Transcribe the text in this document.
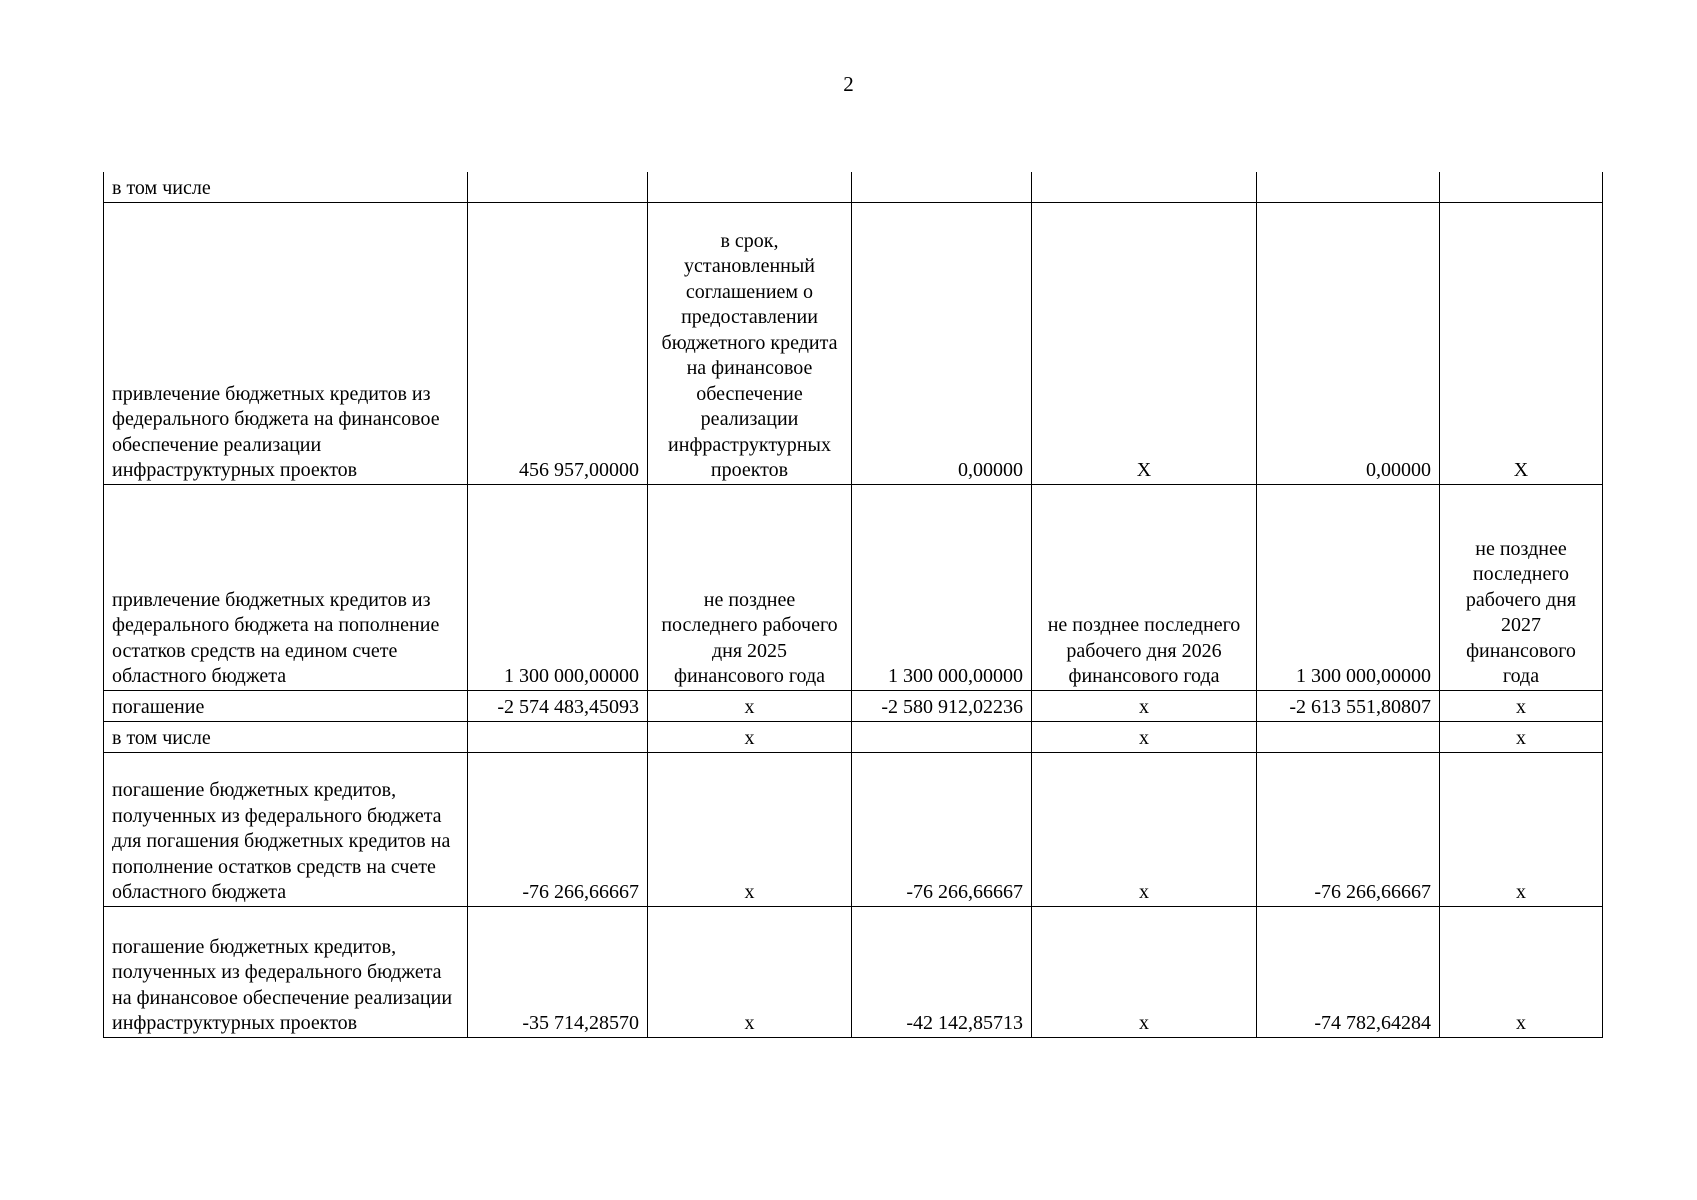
2
в том числе						
привлечение бюджетных кредитов из федерального бюджета на финансовое обеспечение реализации инфраструктурных проектов	456 957,00000	в срок, установленный соглашением о предоставлении бюджетного кредита на финансовое обеспечение реализации инфраструктурных проектов	0,00000	X	0,00000	X
привлечение бюджетных кредитов из федерального бюджета на пополнение остатков средств на едином счете областного бюджета	1 300 000,00000	не позднее последнего рабочего дня 2025 финансового года	1 300 000,00000	не позднее последнего рабочего дня 2026 финансового года	1 300 000,00000	не позднее последнего рабочего дня 2027 финансового года
погашение	-2 574 483,45093	х	-2 580 912,02236	х	-2 613 551,80807	х
в том числе		х		х		х
погашение бюджетных кредитов, полученных из федерального бюджета для погашения бюджетных кредитов на пополнение остатков средств на счете областного бюджета	-76 266,66667	х	-76 266,66667	х	-76 266,66667	х
погашение бюджетных кредитов, полученных из федерального бюджета на финансовое обеспечение реализации инфраструктурных проектов	-35 714,28570	х	-42 142,85713	х	-74 782,64284	х
